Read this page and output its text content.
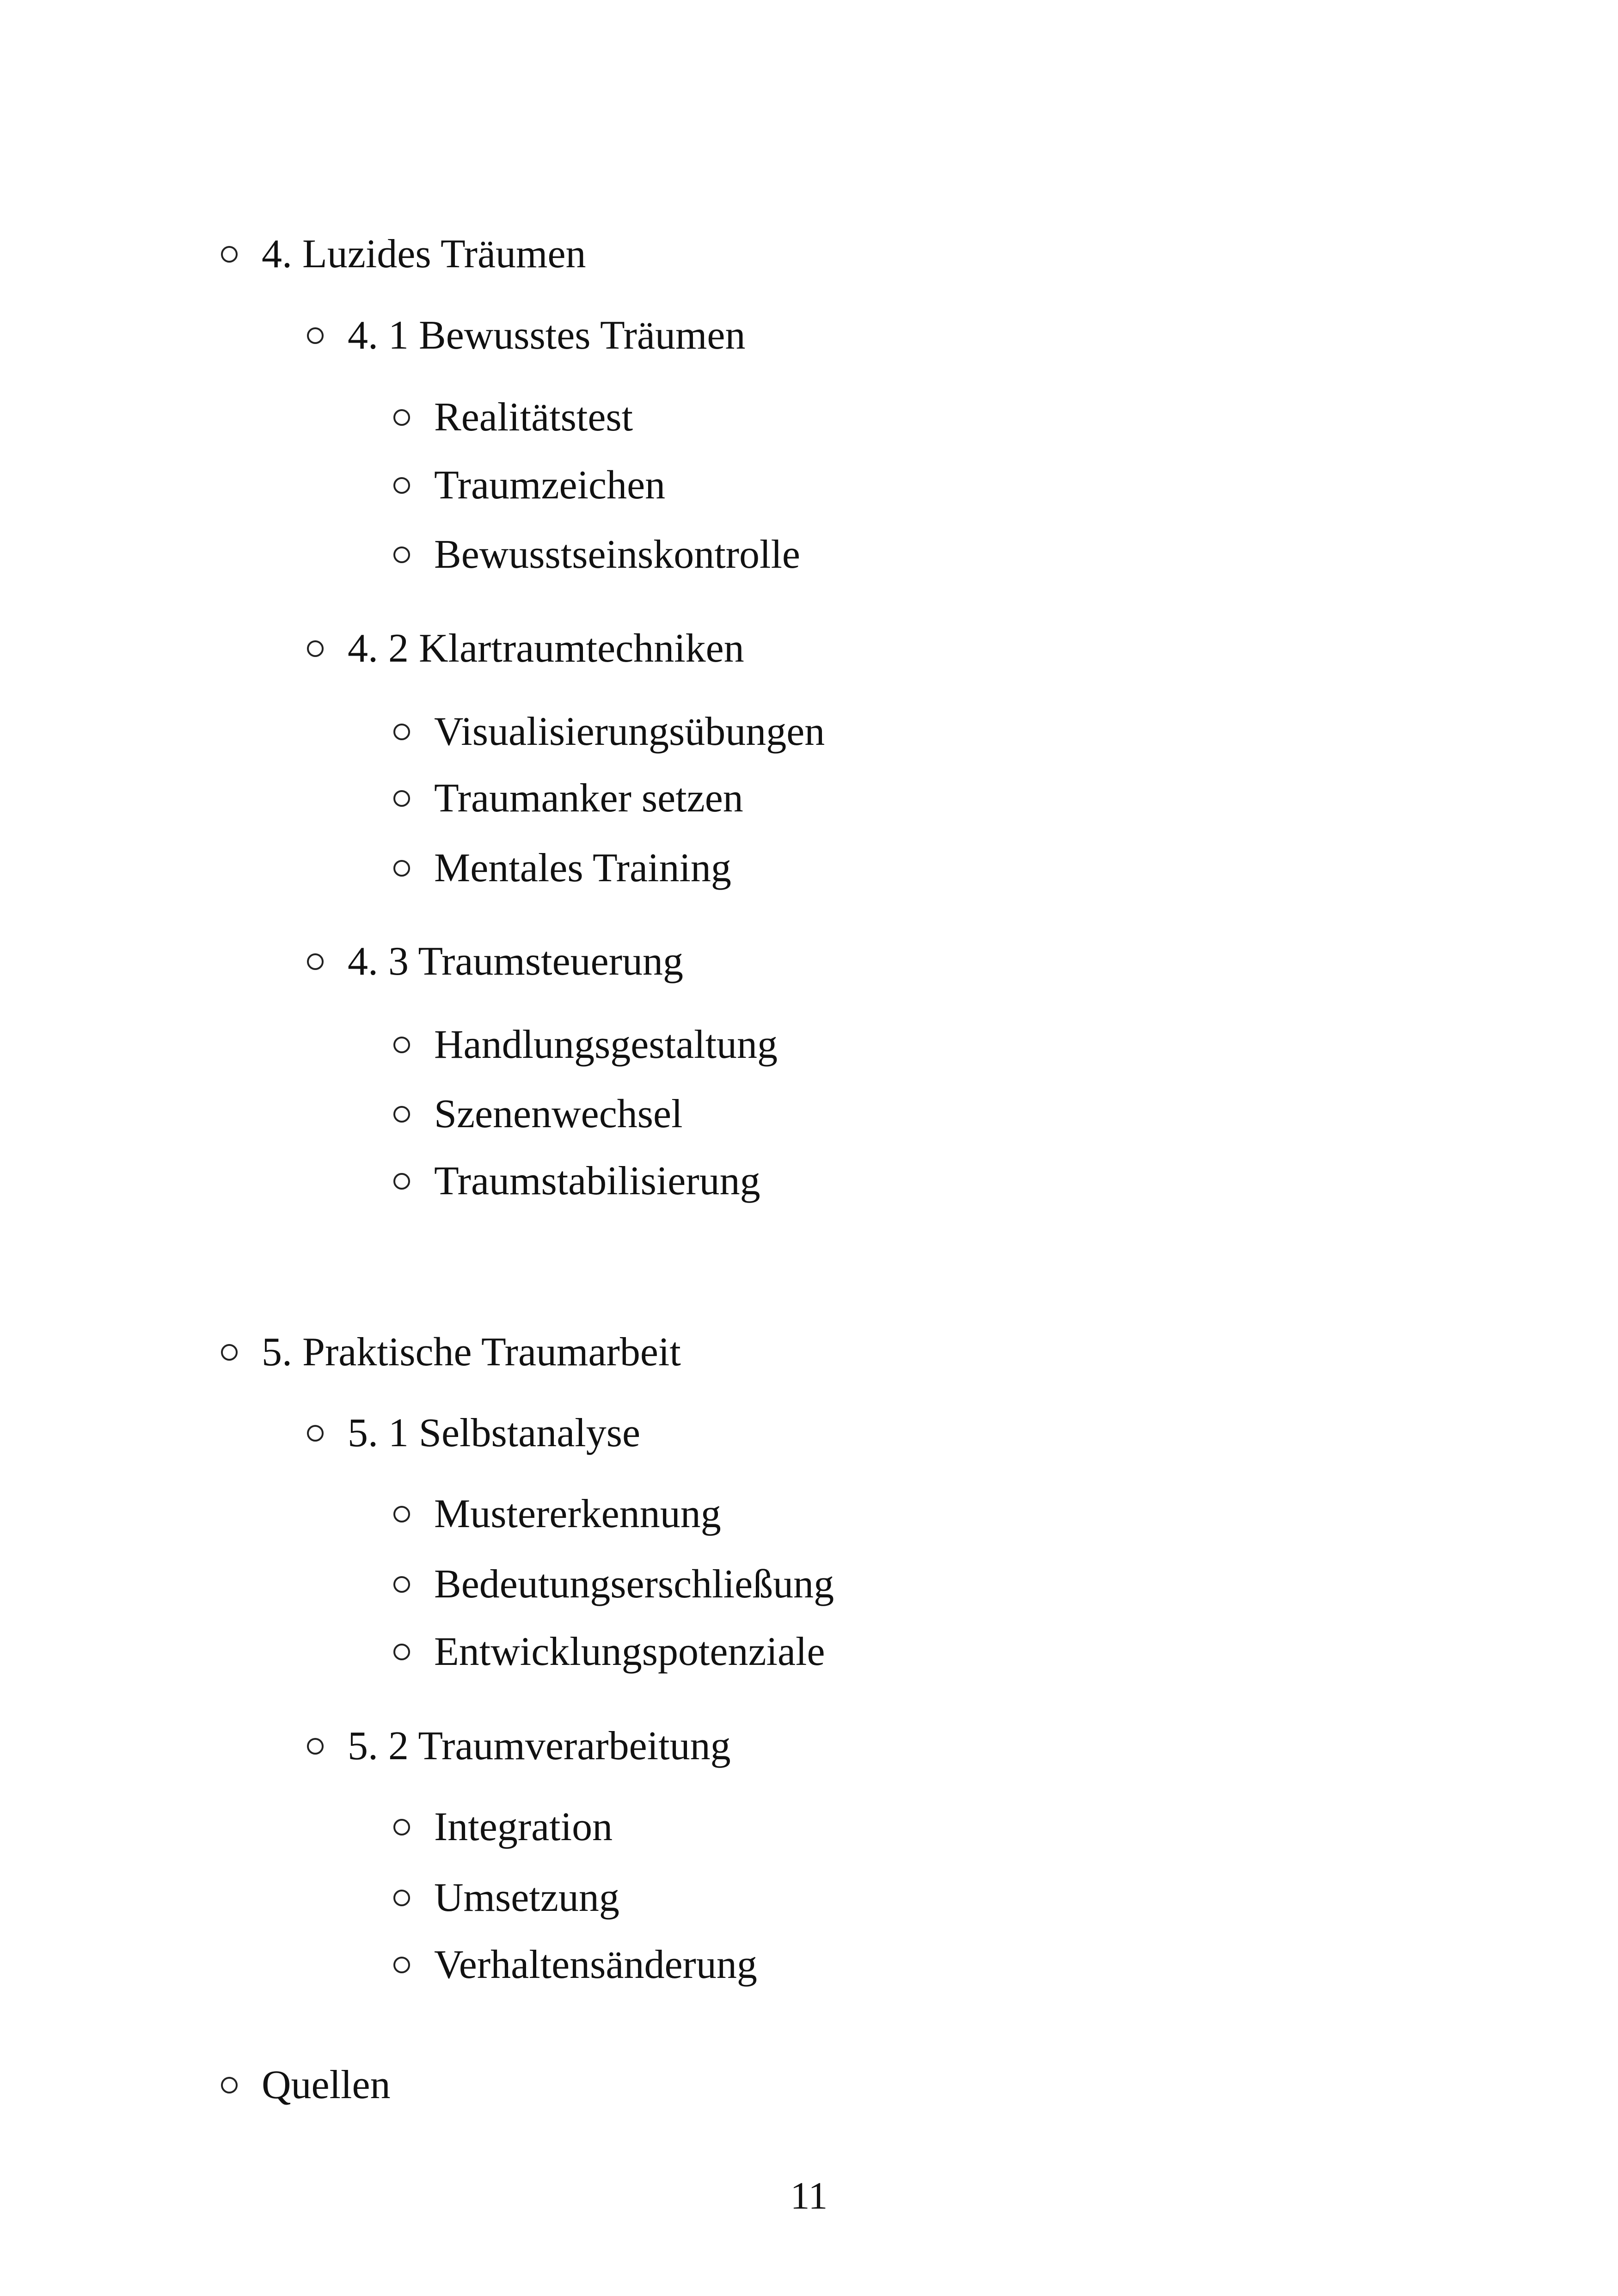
4. Luzides Träumen
4. 1 Bewusstes Träumen
Realitätstest
Traumzeichen
Bewusstseinskontrolle
4. 2 Klartraumtechniken
Visualisierungsübungen
Traumanker setzen
Mentales Training
4. 3 Traumsteuerung
Handlungsgestaltung
Szenenwechsel
Traumstabilisierung
5. Praktische Traumarbeit
5. 1 Selbstanalyse
Mustererkennung
Bedeutungserschließung
Entwicklungspotenziale
5. 2 Traumverarbeitung
Integration
Umsetzung
Verhaltensänderung
Quellen
11
